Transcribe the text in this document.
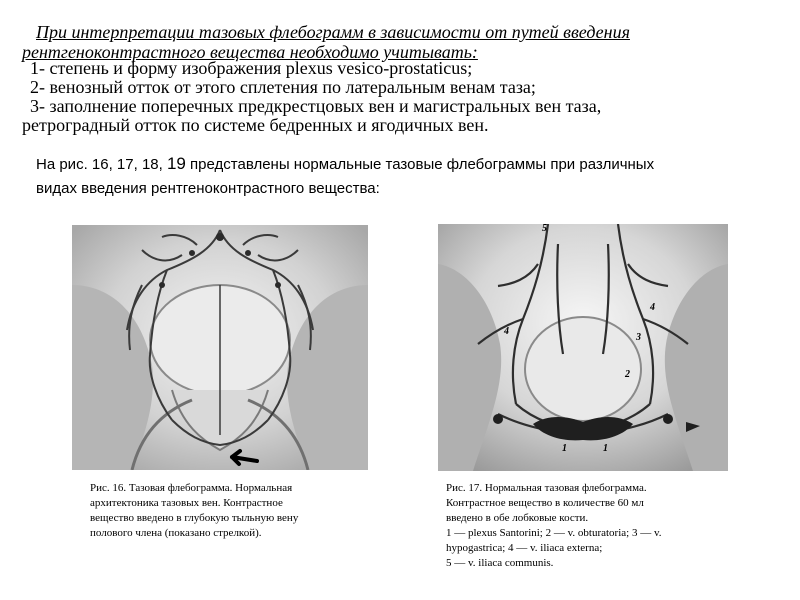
При интерпретации тазовых флебограмм в зависимости от путей введения
рентгеноконтрастного вещества необходимо учитывать:
1- степень и форму изображения plexus vesico-prostaticus;
2- венозный отток от этого сплетения по латеральным венам таза;
3- заполнение поперечных предкрестцовых вен и магистральных вен таза,
ретроградный отток по системе бедренных и ягодичных вен.
На рис. 16, 17, 18, 19 представлены нормальные тазовые флебограммы при различных
видах введения рентгеноконтрастного вещества:
Рис. 16. Тазовая флебограмма. Нормальная
архитектоника тазовых вен. Контрастное
вещество введено в глубокую тыльную вену
полового члена (показано стрелкой).
1	1
2
3
4
4
5
Рис. 17. Нормальная тазовая флебограмма.
Контрастное вещество в количестве 60 мл
введено в обе лобковые кости.
1 — plexus Santorini; 2 — v. obturatoria; 3 — v.
hypogastrica; 4 — v. iliaca externa;
5 — v. iliaca communis.
